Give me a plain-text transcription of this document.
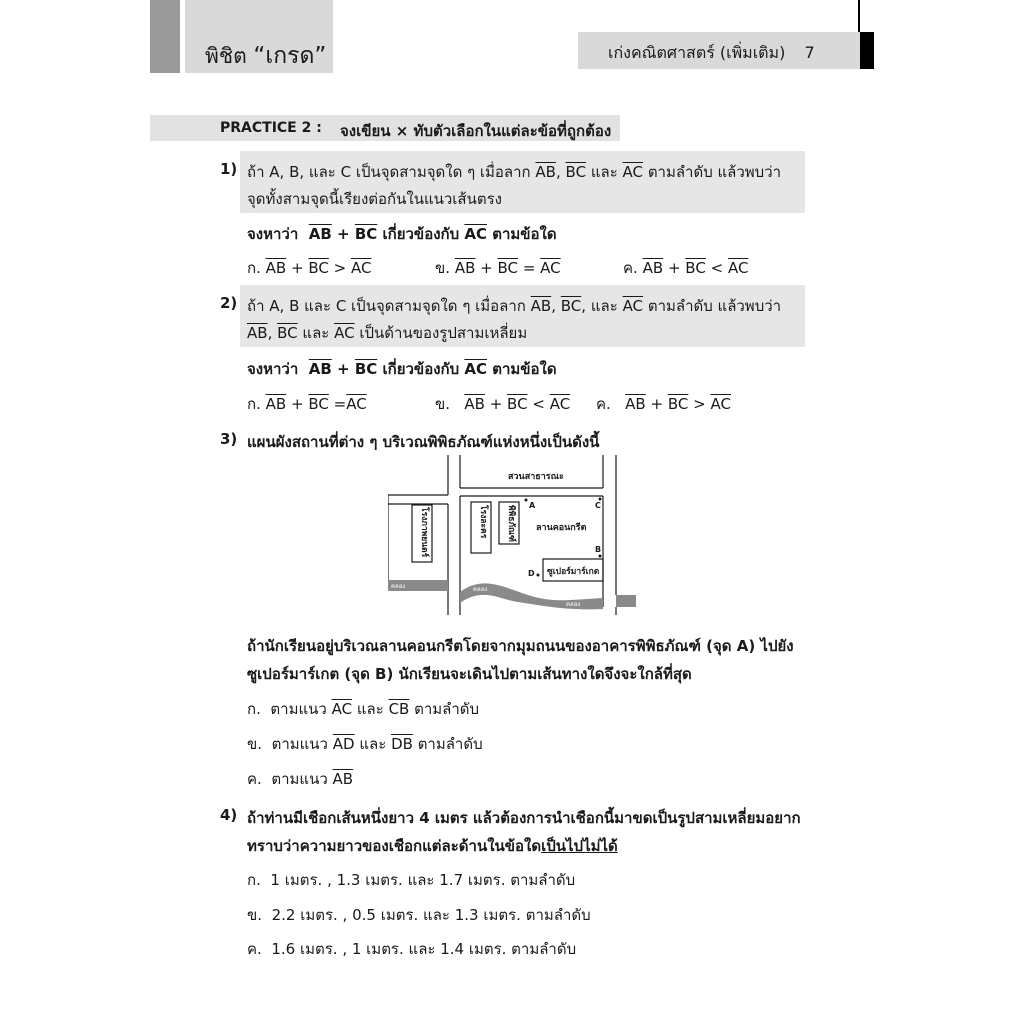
พิชิต “เกรด”	เก่งคณิตศาสตร์ (เพิ่มเติม) 7
PRACTICE 2 : จงเขียน × ทับตัวเลือกในแต่ละข้อที่ถูกต้อง
1) ถ้า A, B, และ C เป็นจุดสามจุดใด ๆ เมื่อลาก $\overline{AB}$, $\overline{BC}$ และ $\overline{AC}$ ตามลำดับ แล้วพบว่า
จุดทั้งสามจุดนี้เรียงต่อกันในแนวเส้นตรง
จงหาว่า $\overline{AB} + \overline{BC}$ เกี่ยวข้องกับ $\overline{AC}$ ตามข้อใด
ก. $\overline{AB} + \overline{BC} > \overline{AC}$	ข. $\overline{AB} + \overline{BC} = \overline{AC}$	ค. $\overline{AB} + \overline{BC} < \overline{AC}$
2) ถ้า A, B และ C เป็นจุดสามจุดใด ๆ เมื่อลาก $\overline{AB}$, $\overline{BC}$, และ $\overline{AC}$ ตามลำดับ แล้วพบว่า
$\overline{AB}$, $\overline{BC}$ และ $\overline{AC}$ เป็นด้านของรูปสามเหลี่ยม
จงหาว่า $\overline{AB} + \overline{BC}$ เกี่ยวข้องกับ $\overline{AC}$ ตามข้อใด
ก. $\overline{AB} + \overline{BC} =\overline{AC}$	ข. $\overline{AB} + \overline{BC} < \overline{AC}$ ค. $\overline{AB} + \overline{BC} > \overline{AC}$
3) แผนผังสถานที่ต่าง ๆ บริเวณพิพิธภัณฑ์แห่งหนึ่งเป็นดังนี้
สวนสาธารณะ
ลานคอนกรีต
ซูเปอร์มาร์เกต
โรงภาพยนตร์	โรงละคร พิพิธภัณฑ์ A	C
B
D
คลอง	คลอง
คลอง
ถ้านักเรียนอยู่บริเวณลานคอนกรีตโดยจากมุมถนนของอาคารพิพิธภัณฑ์ (จุด A) ไปยัง
ซูเปอร์มาร์เกต (จุด B) นักเรียนจะเดินไปตามเส้นทางใดจึงจะใกล้ที่สุด
ก. ตามแนว $\overline{AC}$ และ $\overline{CB}$ ตามลำดับ
ข. ตามแนว $\overline{AD}$ และ $\overline{DB}$ ตามลำดับ
ค. ตามแนว $\overline{AB}$
4) ถ้าท่านมีเชือกเส้นหนึ่งยาว 4 เมตร แล้วต้องการนำเชือกนี้มาขดเป็นรูปสามเหลี่ยมอยาก
ทราบว่าความยาวของเชือกแต่ละด้านในข้อใดเป็นไปไม่ได้
ก. 1 เมตร. , 1.3 เมตร. และ 1.7 เมตร. ตามลำดับ
ข. 2.2 เมตร. , 0.5 เมตร. และ 1.3 เมตร. ตามลำดับ
ค. 1.6 เมตร. , 1 เมตร. และ 1.4 เมตร. ตามลำดับ
